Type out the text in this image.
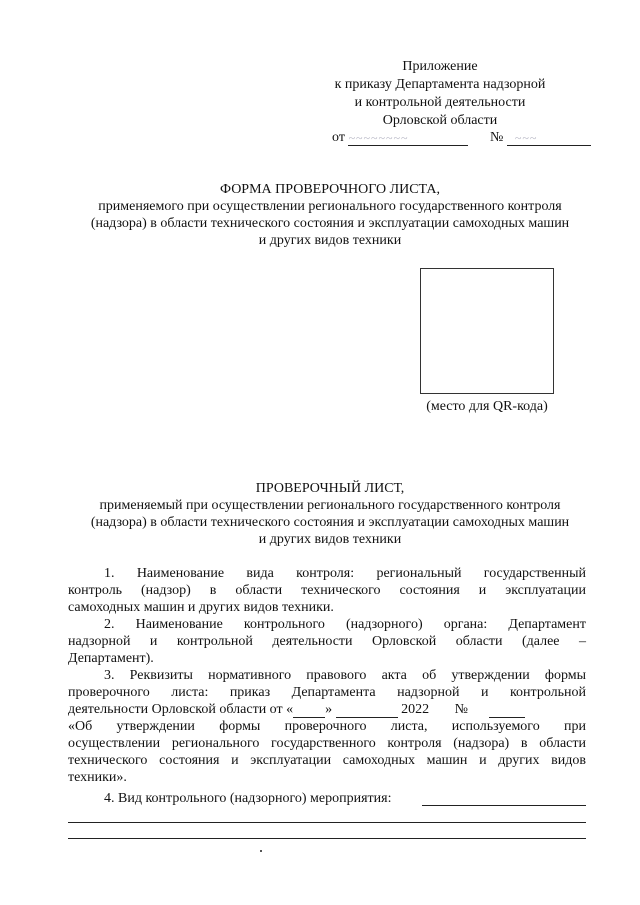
Приложение
к приказу Департамента надзорной
и контрольной деятельности
Орловской области
от ~~~~~~~~	№   ~~~
ФОРМА ПРОВЕРОЧНОГО ЛИСТА,
применяемого при осуществлении регионального государственного контроля
(надзора) в области технического состояния и эксплуатации самоходных машин
и других видов техники
(место для QR-кода)
ПРОВЕРОЧНЫЙ ЛИСТ,
применяемый при осуществлении регионального государственного контроля
(надзора) в области технического состояния и эксплуатации самоходных машин
и других видов техники
1. Наименование вида контроля: региональный государственный
контроль (надзор) в области технического состояния и эксплуатации
самоходных машин и других видов техники.
2. Наименование контрольного (надзорного) органа: Департамент
надзорной и контрольной деятельности Орловской области (далее –
Департамент).
3. Реквизиты нормативного правового акта об утверждении формы
проверочного листа: приказ Департамента надзорной и контрольной
деятельности Орловской области от « »	2022 №
«Об утверждении формы проверочного листа, используемого при
осуществлении регионального государственного контроля (надзора) в области
технического состояния и эксплуатации самоходных машин и других видов
техники».
4. Вид контрольного (надзорного) мероприятия:
